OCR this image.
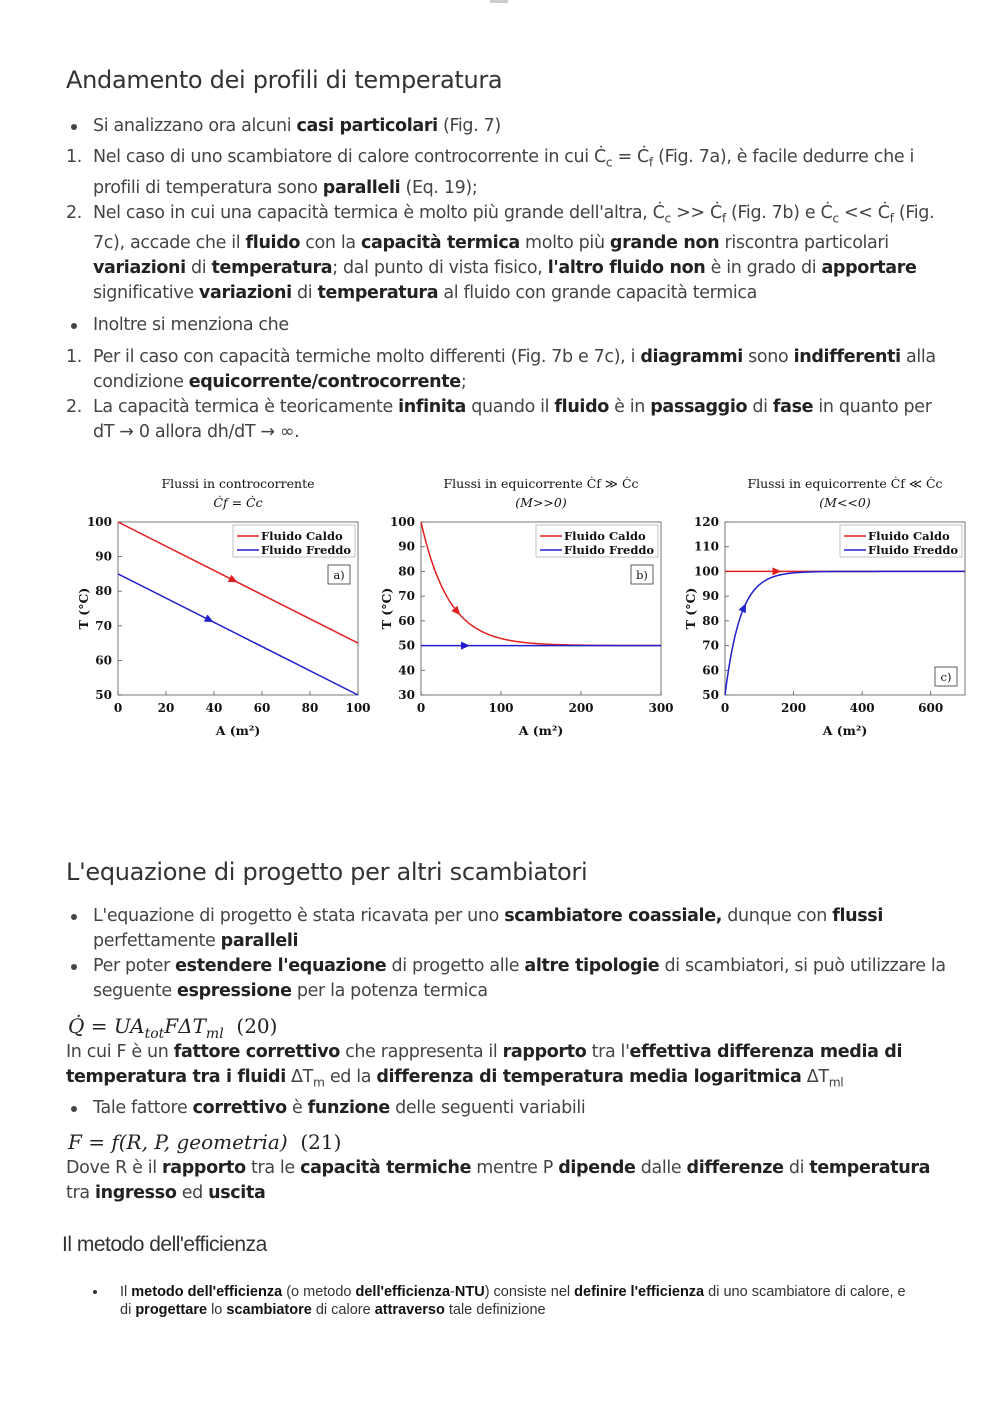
Andamento dei profili di temperatura
Si analizzano ora alcuni casi particolari (Fig. 7)
1. Nel caso di uno scambiatore di calore controcorrente in cui $Ċ_c$ = $Ċ_f$ (Fig. 7a), è facile dedurre che i profili di temperatura sono paralleli (Eq. 19);
2. Nel caso in cui una capacità termica è molto più grande dell'altra, $Ċ_c$ >> $Ċ_f$ (Fig. 7b) e $Ċ_c$ << $Ċ_f$ (Fig. 7c), accade che il fluido con la capacità termica molto più grande non riscontra particolari variazioni di temperatura; dal punto di vista fisico, l'altro fluido non è in grado di apportare significative variazioni di temperatura al fluido con grande capacità termica
Inoltre si menziona che
1. Per il caso con capacità termiche molto differenti (Fig. 7b e 7c), i diagrammi sono indifferenti alla condizione equicorrente/controcorrente;
2. La capacità termica è teoricamente infinita quando il fluido è in passaggio di fase in quanto per dT → 0 allora dh/dT → ∞.
Flussi in controcorrente
Ċf = Ċc
50
60
70
80
90
100
0	20	40	60	80 100
A (m²)
T (°C)
Fluido Caldo
Fluido Freddo
a)
Flussi in equicorrente Ċf ≫ Ċc
(M>>0)
30
40
50
60
70
80
90
100
0	100	200	300
A (m²)
T (°C)
Fluido Caldo
Fluido Freddo
b)
Flussi in equicorrente Ċf ≪ Ċc
(M<<0)
50
60
70
80
90
100
110
120
0	200	400	600
A (m²)
T (°C)
Fluido Caldo
Fluido Freddo
c)
L'equazione di progetto per altri scambiatori
L'equazione di progetto è stata ricavata per uno scambiatore coassiale, dunque con flussi perfettamente paralleli
Per poter estendere l'equazione di progetto alle altre tipologie di scambiatori, si può utilizzare la seguente espressione per la potenza termica
Q̇ = $UA_{tot}F\Delta T_{ml}$ (20)
In cui F è un fattore correttivo che rappresenta il rapporto tra l'effettiva differenza media di temperatura tra i fluidi $\Delta T_m$ ed la differenza di temperatura media logaritmica $\Delta T_{ml}$
Tale fattore correttivo è funzione delle seguenti variabili
F = f(R, P, geometria) (21)
Dove R è il rapporto tra le capacità termiche mentre P dipende dalle differenze di temperatura tra ingresso ed uscita
Il metodo dell'efficienza
Il metodo dell'efficienza (o metodo dell'efficienza-NTU) consiste nel definire l'efficienza di uno scambiatore di calore, e di progettare lo scambiatore di calore attraverso tale definizione
